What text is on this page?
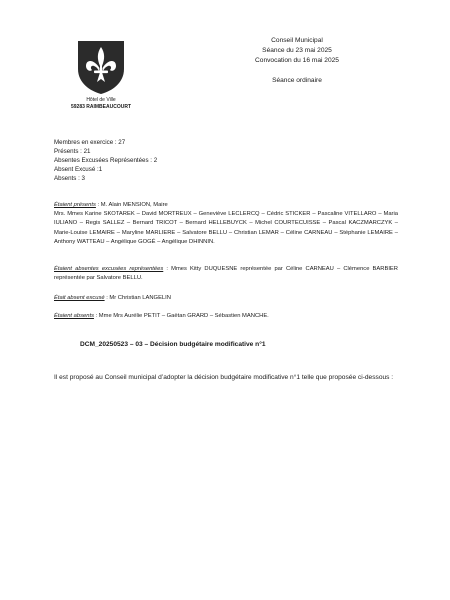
Hôtel de Ville
59283 RAIMBEAUCOURT
Conseil Municipal
Séance du 23 mai 2025
Convocation du 16 mai 2025
Séance ordinaire
Membres en exercice : 27
Présents : 21
Absentes Excusées Représentées : 2
Absent Excusé :1
Absents : 3
Étaient présents : M. Alain MENSION, Maire
Mrs. Mmes Karine SKOTAREK – David MORTREUX – Geneviève LECLERCQ – Cédric STICKER – Pascaline VITELLARO – Maria IULIANO – Regis SALLEZ – Bernard TRICOT – Bernard HELLEBUYCK – Michel COURTECUISSE – Pascal KACZMARCZYK – Marie-Louise LEMAIRE – Maryline MARLIERE – Salvatore BELLU – Christian LEMAR – Céline CARNEAU – Stéphanie LEMAIRE – Anthony WATTEAU – Angélique GOGÉ – Angélique DHINNIN.
Étaient absentes excusées représentées : Mmes Kitty DUQUESNE représentée par Céline CARNEAU – Clémence BARBIER représentée par Salvatore BELLU.
Était absent excusé : Mr Christian LANGELIN
Étaient absents : Mme Mrs Aurélie PETIT – Gaëtan GRARD – Sébastien MANCHE.
DCM_20250523 – 03 – Décision budgétaire modificative n°1
Il est proposé au Conseil municipal d’adopter la décision budgétaire modificative n°1 telle que proposée ci-dessous :
